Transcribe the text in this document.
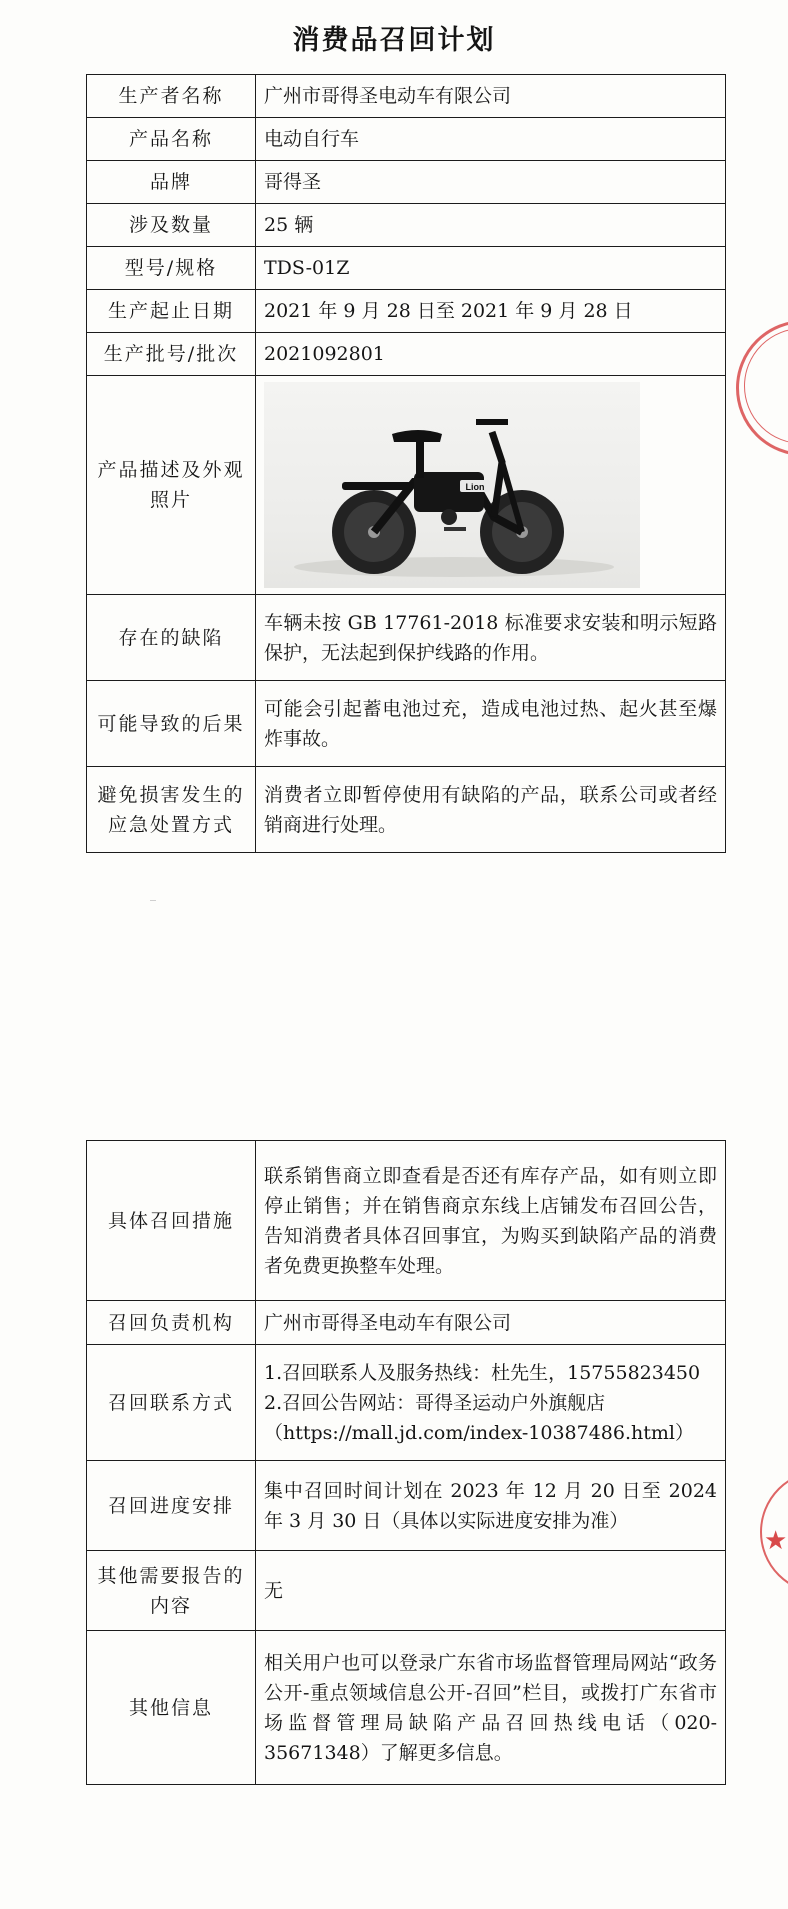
消费品召回计划
生产者名称	广州市哥得圣电动车有限公司
产品名称	电动自行车
品牌	哥得圣
涉及数量	25 辆
型号/规格	TDS-01Z
生产起止日期	2021 年 9 月 28 日至 2021 年 9 月 28 日
生产批号/批次	2021092801
产品描述及外观照片	Lion

存在的缺陷	车辆未按 GB 17761-2018 标准要求安装和明示短路保护，无法起到保护线路的作用。
可能导致的后果	可能会引起蓄电池过充，造成电池过热、起火甚至爆炸事故。
避免损害发生的应急处置方式	消费者立即暂停使用有缺陷的产品，联系公司或者经销商进行处理。
具体召回措施	联系销售商立即查看是否还有库存产品，如有则立即停止销售；并在销售商京东线上店铺发布召回公告，告知消费者具体召回事宜，为购买到缺陷产品的消费者免费更换整车处理。
召回负责机构	广州市哥得圣电动车有限公司
召回联系方式	1.召回联系人及服务热线：杜先生，15755823450
2.召回公告网站：哥得圣运动户外旗舰店
（https://mall.jd.com/index-10387486.html）

召回进度安排	集中召回时间计划在 2023 年 12 月 20 日至 2024 年 3 月 30 日（具体以实际进度安排为准）
其他需要报告的内容	无
其他信息	相关用户也可以登录广东省市场监督管理局网站“政务公开-重点领域信息公开-召回”栏目，或拨打广东省市场监督管理局缺陷产品召回热线电话（020-35671348）了解更多信息。
★
